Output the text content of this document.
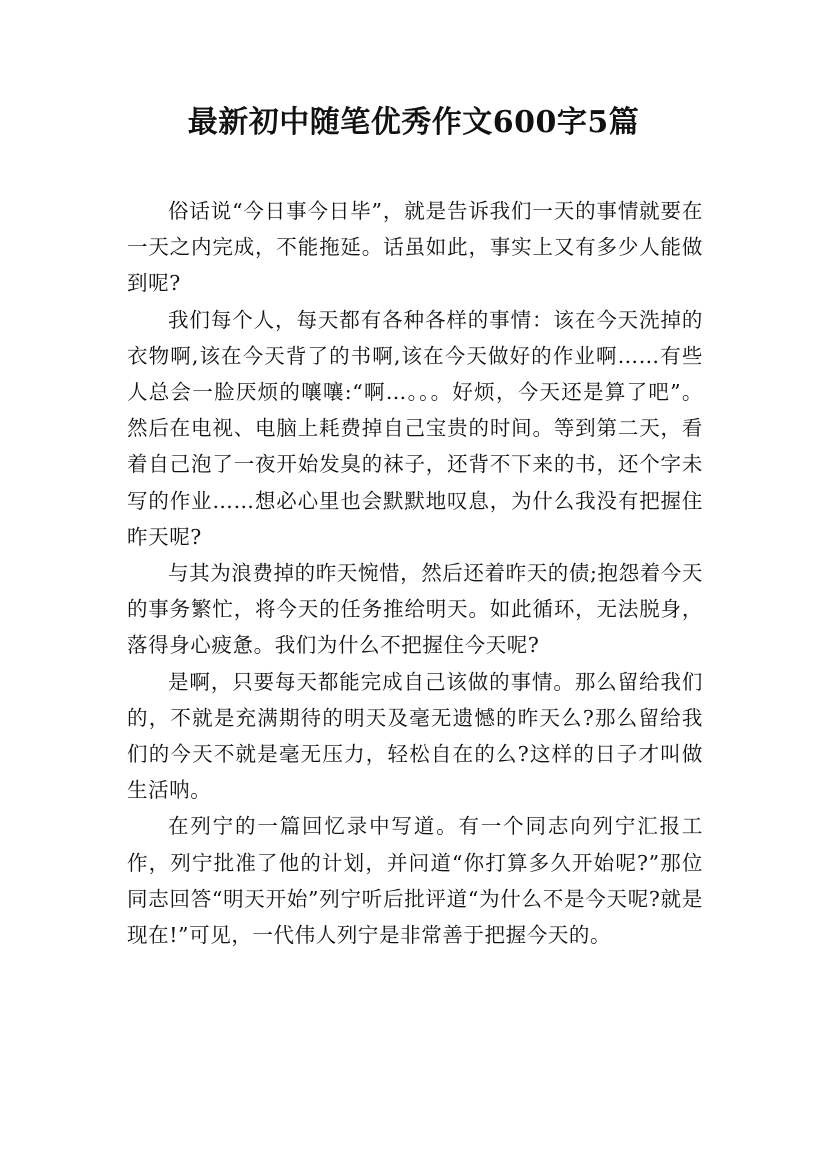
最新初中随笔优秀作文600字5篇

俗话说“今日事今日毕”，就是告诉我们一天的事情就要在一天之内完成，不能拖延。话虽如此，事实上又有多少人能做到呢?

我们每个人，每天都有各种各样的事情：该在今天洗掉的衣物啊,该在今天背了的书啊,该在今天做好的作业啊……有些人总会一脸厌烦的嚷嚷:“啊…。。。好烦，今天还是算了吧”。然后在电视、电脑上耗费掉自己宝贵的时间。等到第二天，看着自己泡了一夜开始发臭的袜子，还背不下来的书，还个字未写的作业……想必心里也会默默地叹息，为什么我没有把握住昨天呢?

与其为浪费掉的昨天惋惜，然后还着昨天的债;抱怨着今天的事务繁忙，将今天的任务推给明天。如此循环，无法脱身，落得身心疲惫。我们为什么不把握住今天呢?

是啊，只要每天都能完成自己该做的事情。那么留给我们的，不就是充满期待的明天及毫无遗憾的昨天么?那么留给我们的今天不就是毫无压力，轻松自在的么?这样的日子才叫做生活呐。

在列宁的一篇回忆录中写道。有一个同志向列宁汇报工作，列宁批准了他的计划，并问道“你打算多久开始呢?”那位同志回答“明天开始”列宁听后批评道“为什么不是今天呢?就是现在!”可见，一代伟人列宁是非常善于把握今天的。
